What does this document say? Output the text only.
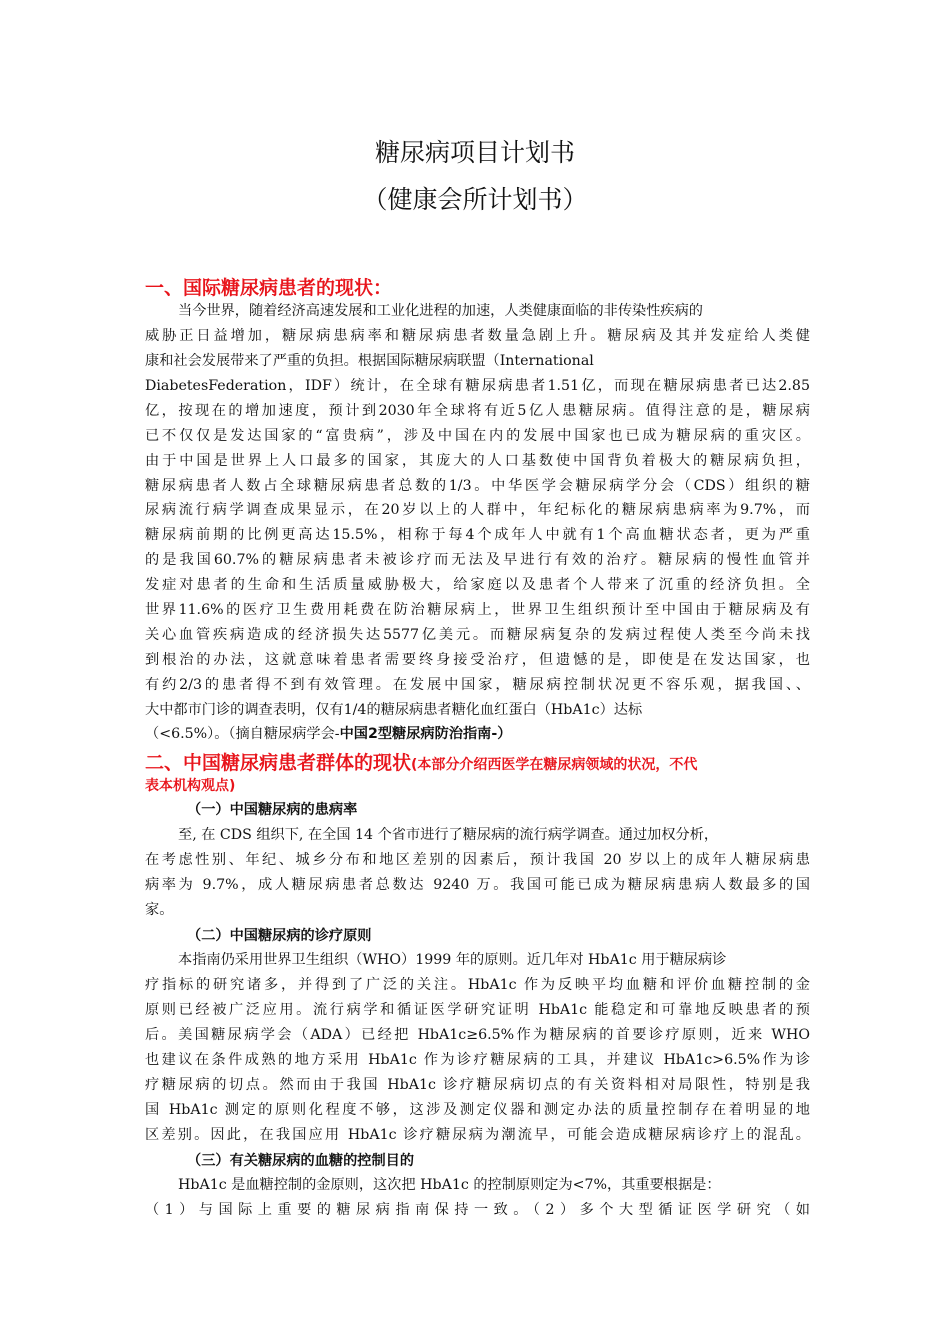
糖尿病项目计划书
（健康会所计划书）
一、国际糖尿病患者的现状：
当今世界，随着经济高速发展和工业化进程的加速，人类健康面临的非传染性疾病的
威胁正日益增加，糖尿病患病率和糖尿病患者数量急剧上升。糖尿病及其并发症给人类健
康和社会发展带来了严重的负担。根据国际糖尿病联盟（International
DiabetesFederation，IDF）统计，在全球有糖尿病患者1.51亿，而现在糖尿病患者已达2.85
亿，按现在的增加速度，预计到2030年全球将有近5亿人患糖尿病。值得注意的是，糖尿病
已不仅仅是发达国家的“富贵病”，涉及中国在内的发展中国家也已成为糖尿病的重灾区。
由于中国是世界上人口最多的国家，其庞大的人口基数使中国背负着极大的糖尿病负担，
糖尿病患者人数占全球糖尿病患者总数的1/3。中华医学会糖尿病学分会（CDS）组织的糖
尿病流行病学调查成果显示，在20岁以上的人群中，年纪标化的糖尿病患病率为9.7%，而
糖尿病前期的比例更高达15.5%，相称于每4个成年人中就有1个高血糖状态者，更为严重
的是我国60.7%的糖尿病患者未被诊疗而无法及早进行有效的治疗。糖尿病的慢性血管并
发症对患者的生命和生活质量威胁极大，给家庭以及患者个人带来了沉重的经济负担。全
世界11.6%的医疗卫生费用耗费在防治糖尿病上，世界卫生组织预计至中国由于糖尿病及有
关心血管疾病造成的经济损失达5577亿美元。而糖尿病复杂的发病过程使人类至今尚未找
到根治的办法，这就意味着患者需要终身接受治疗，但遗憾的是，即使是在发达国家，也
有约2/3的患者得不到有效管理。在发展中国家，糖尿病控制状况更不容乐观，据我国、、
大中都市门诊的调查表明，仅有1/4的糖尿病患者糖化血红蛋白（HbA1c）达标
（<6.5%）。（摘自糖尿病学会-中国2型糖尿病防治指南-）
二、中国糖尿病患者群体的现状(本部分介绍西医学在糖尿病领域的状况，不代
表本机构观点)
（一）中国糖尿病的患病率
至, 在 CDS 组织下, 在全国 14 个省市进行了糖尿病的流行病学调查。通过加权分析，
在考虑性别、年纪、城乡分布和地区差别的因素后，预计我国 20 岁以上的成年人糖尿病患
病率为 9.7%，成人糖尿病患者总数达 9240 万。我国可能已成为糖尿病患病人数最多的国
家。
（二）中国糖尿病的诊疗原则
本指南仍采用世界卫生组织（WHO）1999 年的原则。近几年对 HbA1c 用于糖尿病诊
疗指标的研究诸多，并得到了广泛的关注。HbA1c 作为反映平均血糖和评价血糖控制的金
原则已经被广泛应用。流行病学和循证医学研究证明 HbA1c 能稳定和可靠地反映患者的预
后。美国糖尿病学会（ADA）已经把 HbA1c≥6.5%作为糖尿病的首要诊疗原则，近来 WHO
也建议在条件成熟的地方采用 HbA1c 作为诊疗糖尿病的工具，并建议 HbA1c>6.5%作为诊
疗糖尿病的切点。然而由于我国 HbA1c 诊疗糖尿病切点的有关资料相对局限性，特别是我
国 HbA1c 测定的原则化程度不够，这涉及测定仪器和测定办法的质量控制存在着明显的地
区差别。因此，在我国应用 HbA1c 诊疗糖尿病为潮流早，可能会造成糖尿病诊疗上的混乱。
（三）有关糖尿病的血糖的控制目的
HbA1c 是血糖控制的金原则，这次把 HbA1c 的控制原则定为<7%，其重要根据是：
（1）与国际上重要的糖尿病指南保持一致。（2）多个大型循证医学研究（如
